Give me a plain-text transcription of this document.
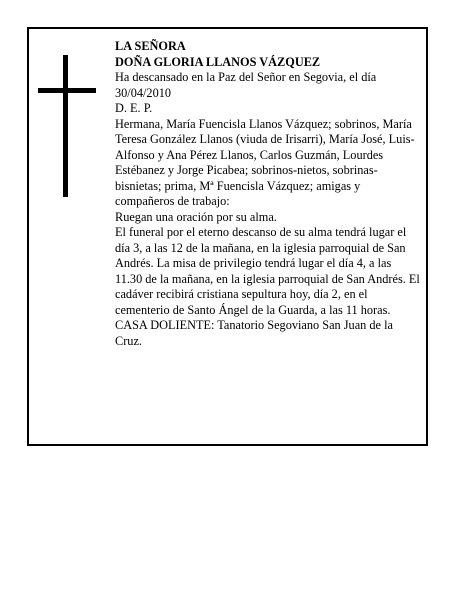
LA SEÑORA

DOÑA GLORIA LLANOS VÁZQUEZ

Ha descansado en la Paz del Señor en Segovia, el día 30/04/2010

D. E. P.

Hermana, María Fuencisla Llanos Vázquez; sobrinos, María Teresa González Llanos (viuda de Irisarri), María José, Luis-Alfonso y Ana Pérez Llanos, Carlos Guzmán, Lourdes Estébanez y Jorge Picabea; sobrinos-nietos, sobrinas-bisnietas; prima, Mª Fuencisla Vázquez; amigas y compañeros de trabajo:

Ruegan una oración por su alma.

El funeral por el eterno descanso de su alma tendrá lugar el día 3, a las 12 de la mañana, en la iglesia parroquial de San Andrés. La misa de privilegio tendrá lugar el día 4, a las 11.30 de la mañana, en la iglesia parroquial de San Andrés. El cadáver recibirá cristiana sepultura hoy, día 2, en el cementerio de Santo Ángel de la Guarda, a las 11 horas.

CASA DOLIENTE: Tanatorio Segoviano San Juan de la Cruz.
